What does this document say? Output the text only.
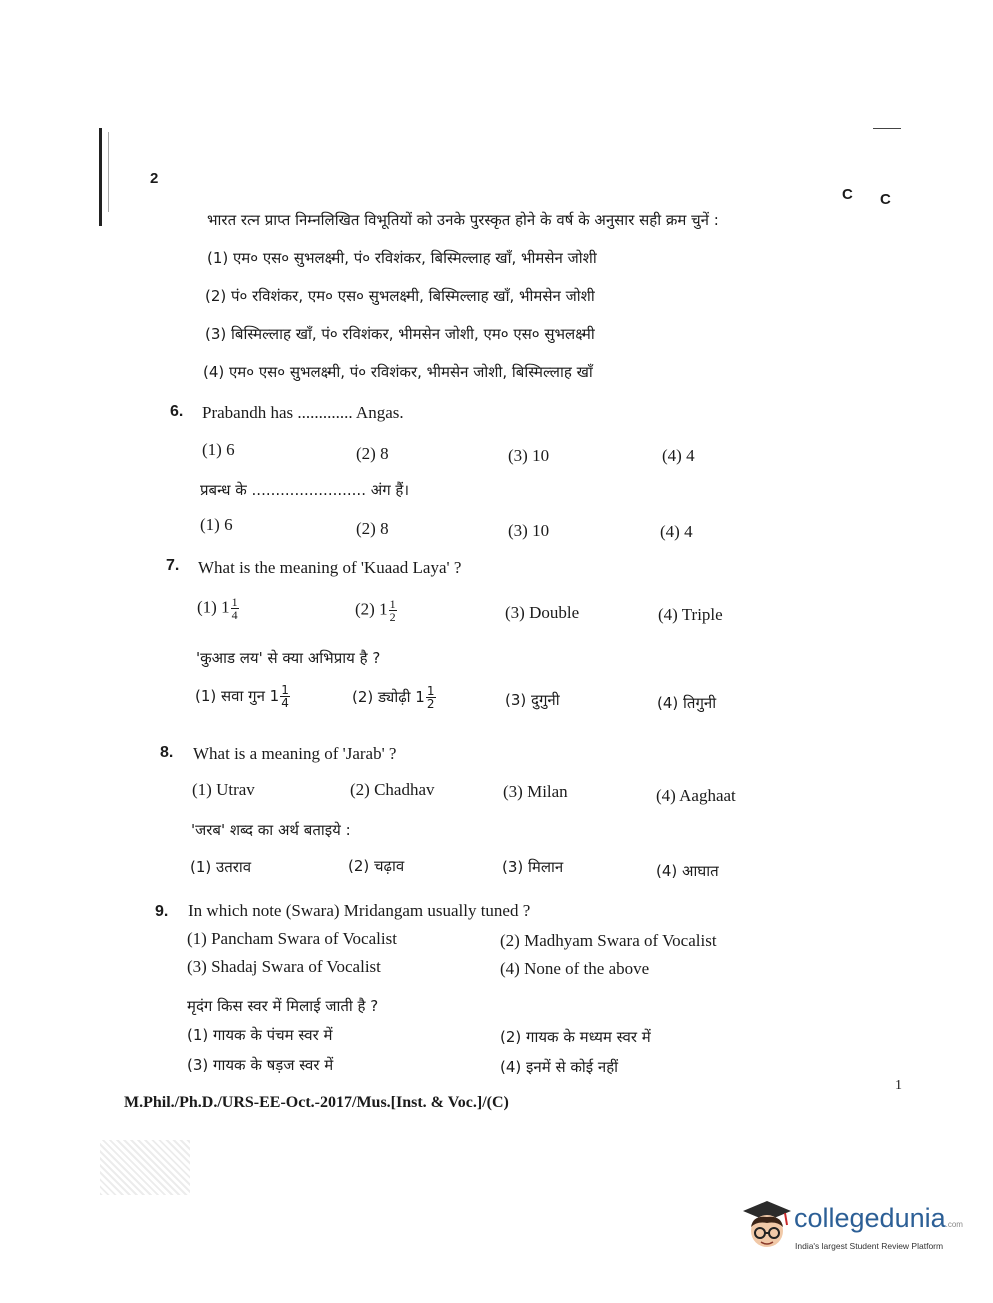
2
C C
भारत रत्न प्राप्त निम्नलिखित विभूतियों को उनके पुरस्कृत होने के वर्ष के अनुसार सही क्रम चुनें :
(1) एम० एस० सुभलक्ष्मी, पं० रविशंकर, बिस्मिल्लाह खाँ, भीमसेन जोशी
(2) पं० रविशंकर, एम० एस० सुभलक्ष्मी, बिस्मिल्लाह खाँ, भीमसेन जोशी
(3) बिस्मिल्लाह खाँ, पं० रविशंकर, भीमसेन जोशी, एम० एस० सुभलक्ष्मी
(4) एम० एस० सुभलक्ष्मी, पं० रविशंकर, भीमसेन जोशी, बिस्मिल्लाह खाँ
6. Prabandh has ............. Angas.
(1) 6	(2) 8	(3) 10	(4) 4
प्रबन्ध के ........................ अंग हैं।
(1) 6	(2) 8	(3) 10	(4) 4
7. What is the meaning of 'Kuaad Laya' ?
(1) $1 \frac{1}{4}$	(2) $1 \frac{1}{2}$	(3) Double	(4) Triple
'कुआड लय' से क्या अभिप्राय है ?
(1) सवा गुन $1 \frac{1}{4}$	(2) ड्योढ़ी $1 \frac{1}{2}$	(3) दुगुनी	(4) तिगुनी
8. What is a meaning of 'Jarab' ?
(1) Utrav	(2) Chadhav	(3) Milan	(4) Aaghaat
'जरब' शब्द का अर्थ बताइये :
(1) उतराव	(2) चढ़ाव	(3) मिलान	(4) आघात
9. In which note (Swara) Mridangam usually tuned ?
(1) Pancham Swara of Vocalist	(2) Madhyam Swara of Vocalist
(3) Shadaj Swara of Vocalist	(4) None of the above
मृदंग किस स्वर में मिलाई जाती है ?
(1) गायक के पंचम स्वर में	(2) गायक के मध्यम स्वर में
(3) गायक के षड़ज स्वर में	(4) इनमें से कोई नहीं
M.Phil./Ph.D./URS-EE-Oct.-2017/Mus.[Inst. & Voc.]/(C)
1
collegedunia.com
India's largest Student Review Platform
